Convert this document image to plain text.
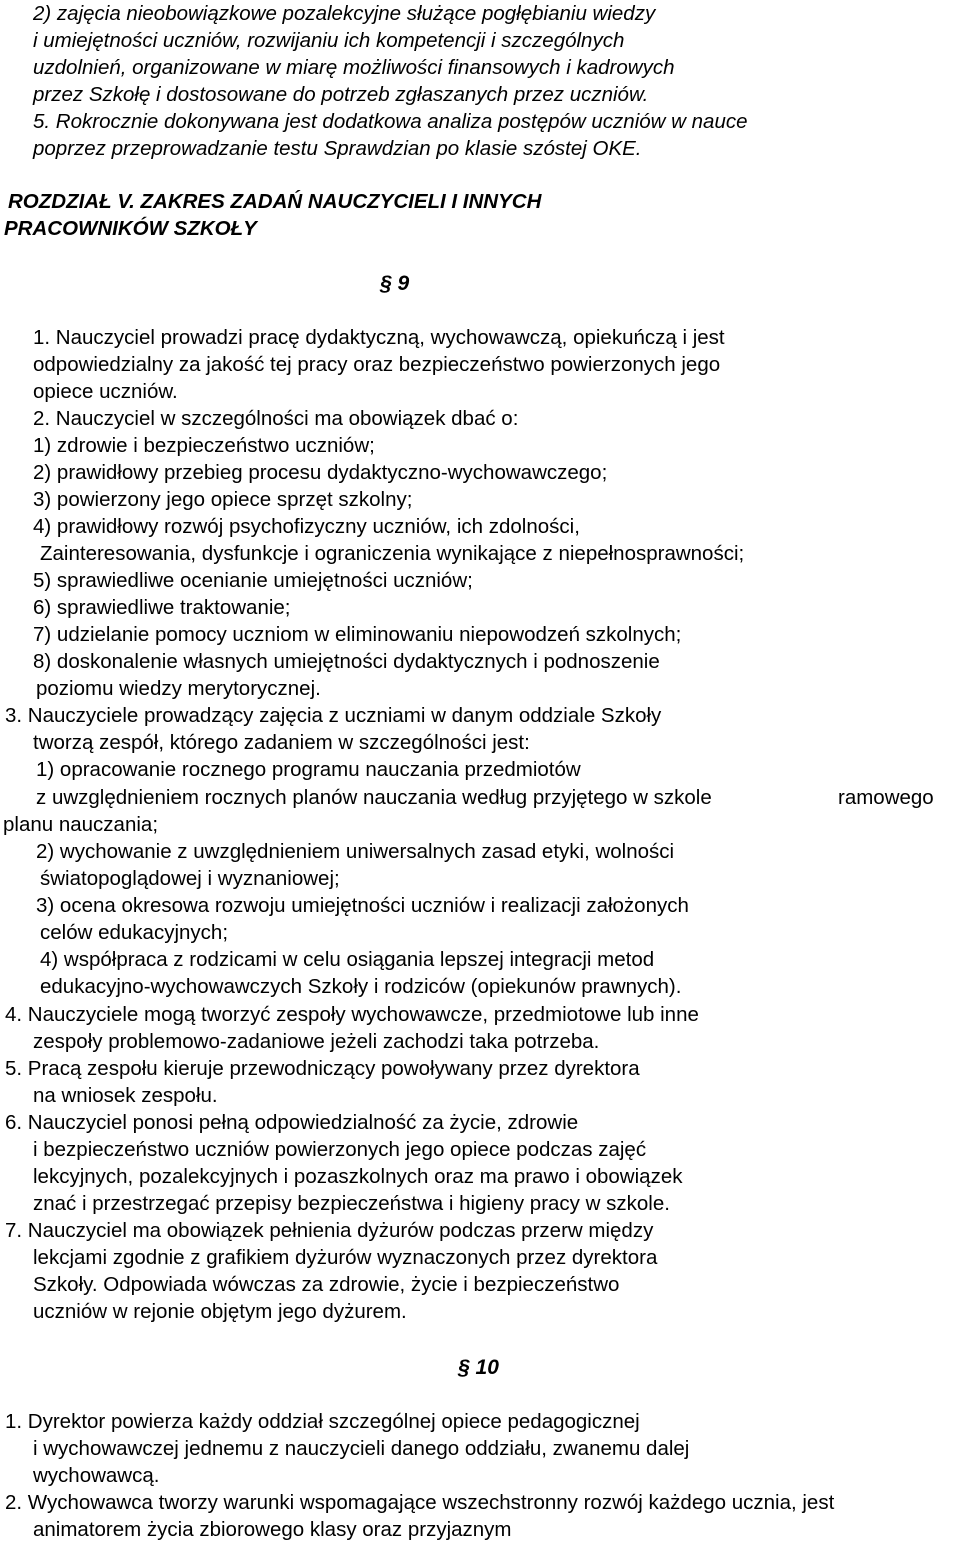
2) zajęcia nieobowiązkowe pozalekcyjne służące pogłębianiu wiedzy
i umiejętności uczniów, rozwijaniu ich kompetencji i szczególnych
uzdolnień, organizowane w miarę możliwości finansowych i kadrowych
przez Szkołę i dostosowane do potrzeb zgłaszanych przez uczniów.
5. Rokrocznie dokonywana jest dodatkowa analiza postępów uczniów w nauce
poprzez przeprowadzanie testu Sprawdzian po klasie szóstej OKE.
ROZDZIAŁ V. ZAKRES ZADAŃ NAUCZYCIELI I INNYCH
PRACOWNIKÓW SZKOŁY
§ 9
1. Nauczyciel prowadzi pracę dydaktyczną, wychowawczą, opiekuńczą i jest
odpowiedzialny za jakość tej pracy oraz bezpieczeństwo powierzonych jego
opiece uczniów.
2. Nauczyciel w szczególności ma obowiązek dbać o:
1) zdrowie i bezpieczeństwo uczniów;
2) prawidłowy przebieg procesu dydaktyczno-wychowawczego;
3) powierzony jego opiece sprzęt szkolny;
4) prawidłowy rozwój psychofizyczny uczniów, ich zdolności,
Zainteresowania, dysfunkcje i ograniczenia wynikające z niepełnosprawności;
5) sprawiedliwe ocenianie umiejętności uczniów;
6) sprawiedliwe traktowanie;
7) udzielanie pomocy uczniom w eliminowaniu niepowodzeń szkolnych;
8) doskonalenie własnych umiejętności dydaktycznych i podnoszenie
poziomu wiedzy merytorycznej.
3. Nauczyciele prowadzący zajęcia z uczniami w danym oddziale Szkoły
tworzą zespół, którego zadaniem w szczególności jest:
1) opracowanie rocznego programu nauczania przedmiotów
z uwzględnieniem rocznych planów nauczania według przyjętego w szkole	ramowego
planu nauczania;
2) wychowanie z uwzględnieniem uniwersalnych zasad etyki, wolności
światopoglądowej i wyznaniowej;
3) ocena okresowa rozwoju umiejętności uczniów i realizacji założonych
celów edukacyjnych;
4) współpraca z rodzicami w celu osiągania lepszej integracji metod
edukacyjno-wychowawczych Szkoły i rodziców (opiekunów prawnych).
4. Nauczyciele mogą tworzyć zespoły wychowawcze, przedmiotowe lub inne
zespoły problemowo-zadaniowe jeżeli zachodzi taka potrzeba.
5. Pracą zespołu kieruje przewodniczący powoływany przez dyrektora
na wniosek zespołu.
6. Nauczyciel ponosi pełną odpowiedzialność za życie, zdrowie
i bezpieczeństwo uczniów powierzonych jego opiece podczas zajęć
lekcyjnych, pozalekcyjnych i pozaszkolnych oraz ma prawo i obowiązek
znać i przestrzegać przepisy bezpieczeństwa i higieny pracy w szkole.
7. Nauczyciel ma obowiązek pełnienia dyżurów podczas przerw między
lekcjami zgodnie z grafikiem dyżurów wyznaczonych przez dyrektora
Szkoły. Odpowiada wówczas za zdrowie, życie i bezpieczeństwo
uczniów w rejonie objętym jego dyżurem.
§ 10
1. Dyrektor powierza każdy oddział szczególnej opiece pedagogicznej
i wychowawczej jednemu z nauczycieli danego oddziału, zwanemu dalej
wychowawcą.
2. Wychowawca tworzy warunki wspomagające wszechstronny rozwój każdego ucznia, jest
animatorem życia zbiorowego klasy oraz przyjaznym
